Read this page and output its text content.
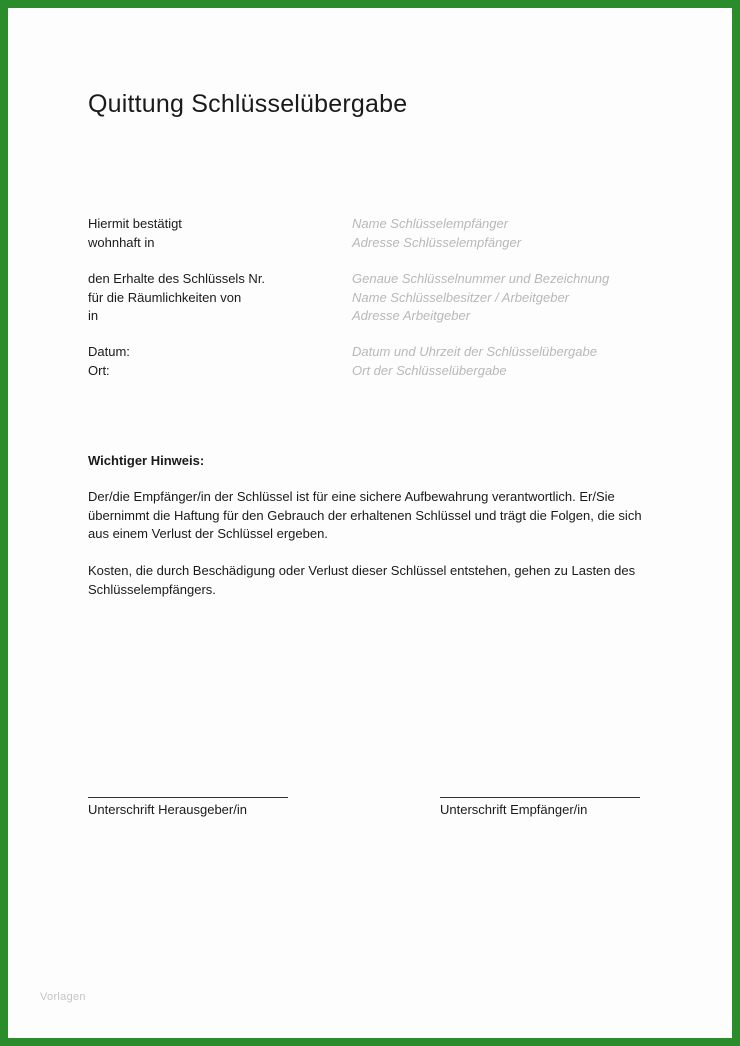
Quittung Schlüsselübergabe
Hiermit bestätigt	Name Schlüsselempfänger
wohnhaft in	Adresse Schlüsselempfänger
den Erhalte des Schlüssels Nr.	Genaue Schlüsselnummer und Bezeichnung
für die Räumlichkeiten von	Name Schlüsselbesitzer / Arbeitgeber
in	Adresse Arbeitgeber
Datum:	Datum und Uhrzeit der Schlüsselübergabe
Ort:	Ort der Schlüsselübergabe
Wichtiger Hinweis:

Der/die Empfänger/in der Schlüssel ist für eine sichere Aufbewahrung verantwortlich. Er/Sie übernimmt die Haftung für den Gebrauch der erhaltenen Schlüssel und trägt die Folgen, die sich aus einem Verlust der Schlüssel ergeben.

Kosten, die durch Beschädigung oder Verlust dieser Schlüssel entstehen, gehen zu Lasten des Schlüsselempfängers.

Unterschrift Herausgeber/in	Unterschrift Empfänger/in
Vorlagen
